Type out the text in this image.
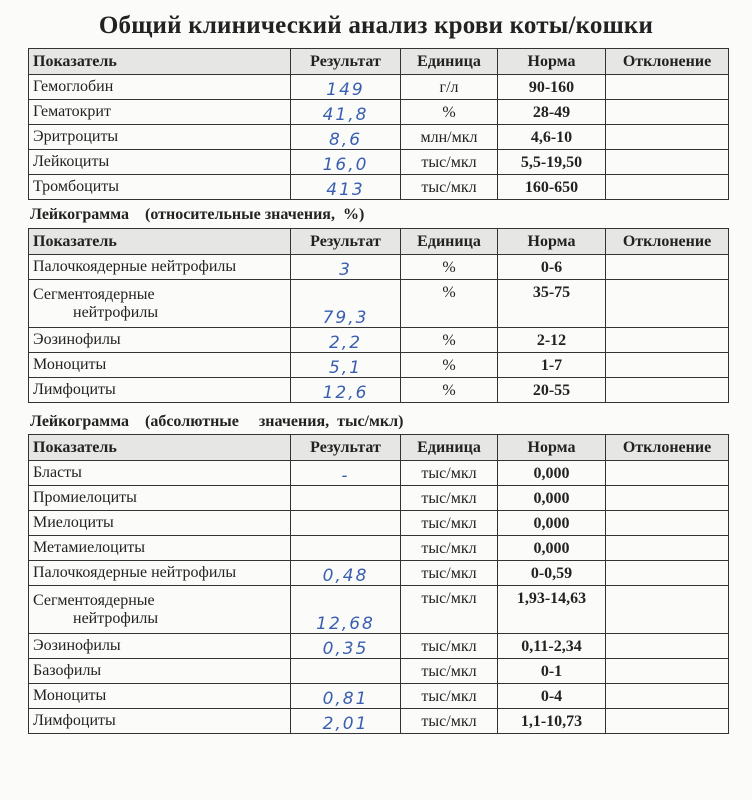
Общий клинический анализ крови коты/кошки
Показатель	Результат	Единица	Норма	Отклонение
Гемоглобин	149	г/л	90-160	
Гематокрит	41,8	%	28-49	
Эритроциты	8,6	млн/мкл	4,6-10	
Лейкоциты	16,0	тыс/мкл	5,5-19,50	
Тромбоциты	413	тыс/мкл	160-650	
Лейкограмма    (относительные значения,  %)
Показатель	Результат	Единица	Норма	Отклонение
Палочкоядерные нейтрофилы	3	%	0-6	
Сегментоядерные
нейтрофилы	79,3	%	35-75	
Эозинофилы	2,2	%	2-12	
Моноциты	5,1	%	1-7	
Лимфоциты	12,6	%	20-55	
Лейкограмма    (абсолютные     значения,  тыс/мкл)
Показатель	Результат	Единица	Норма	Отклонение
Бласты	-	тыс/мкл	0,000	
Промиелоциты		тыс/мкл	0,000	
Миелоциты		тыс/мкл	0,000	
Метамиелоциты		тыс/мкл	0,000	
Палочкоядерные нейтрофилы	0,48	тыс/мкл	0-0,59	
Сегментоядерные
нейтрофилы	12,68	тыс/мкл	1,93-14,63	
Эозинофилы	0,35	тыс/мкл	0,11-2,34	
Базофилы		тыс/мкл	0-1	
Моноциты	0,81	тыс/мкл	0-4	
Лимфоциты	2,01	тыс/мкл	1,1-10,73	
